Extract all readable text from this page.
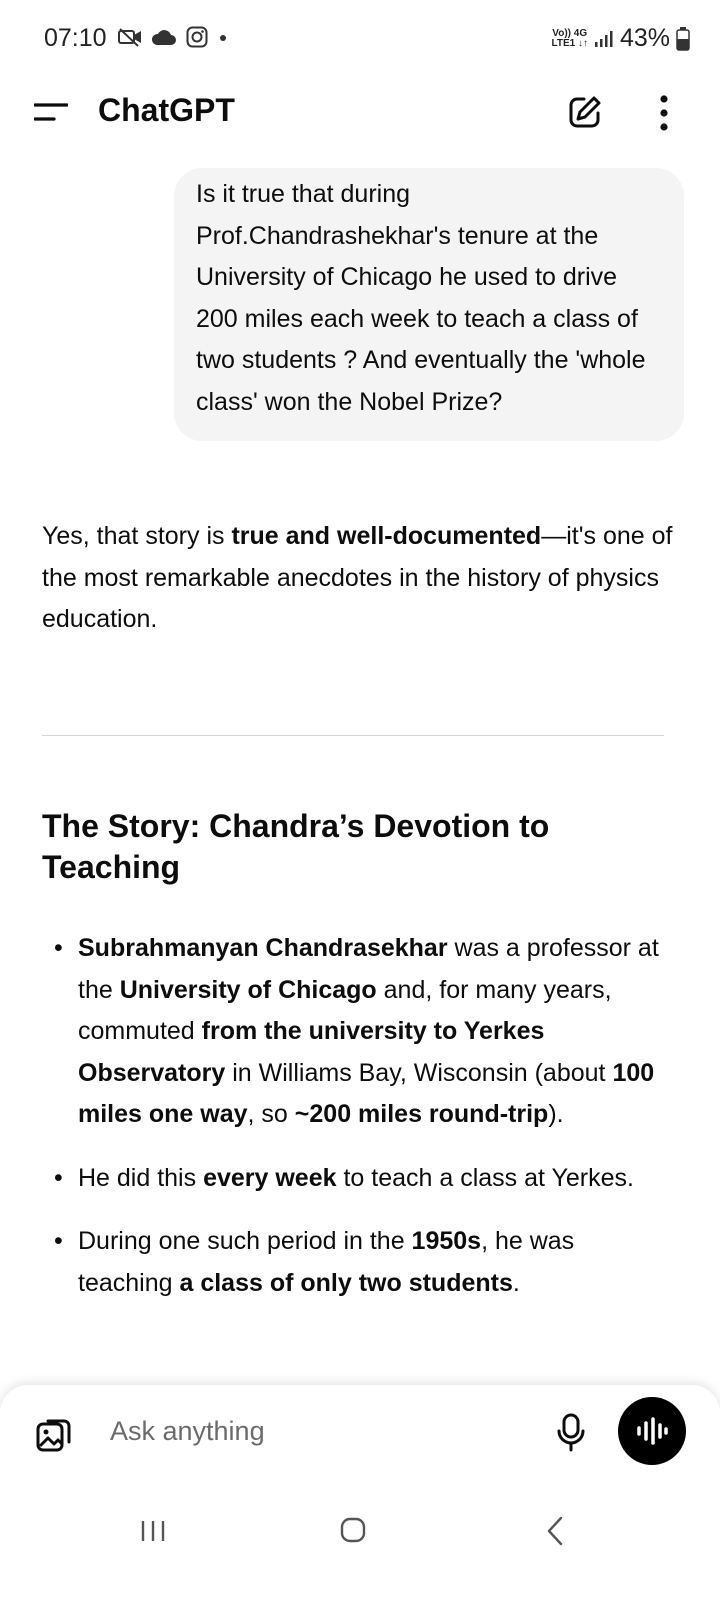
07:10	Vo)) 4G
LTE1 ↓↑ 43%
ChatGPT
Is it true that during Prof.Chandrashekhar's tenure at the University of Chicago he used to drive 200 miles each week to teach a class of two students ? And eventually the 'whole class' won the Nobel Prize?

Yes, that story is true and well-documented—it's one of the most remarkable anecdotes in the history of physics education.

The Story: Chandra’s Devotion to Teaching
• Subrahmanyan Chandrasekhar was a professor at the University of Chicago and, for many years, commuted from the university to Yerkes Observatory in Williams Bay, Wisconsin (about 100 miles one way, so ~200 miles round-trip).
• He did this every week to teach a class at Yerkes.
• During one such period in the 1950s, he was teaching a class of only two students.
Ask anything
